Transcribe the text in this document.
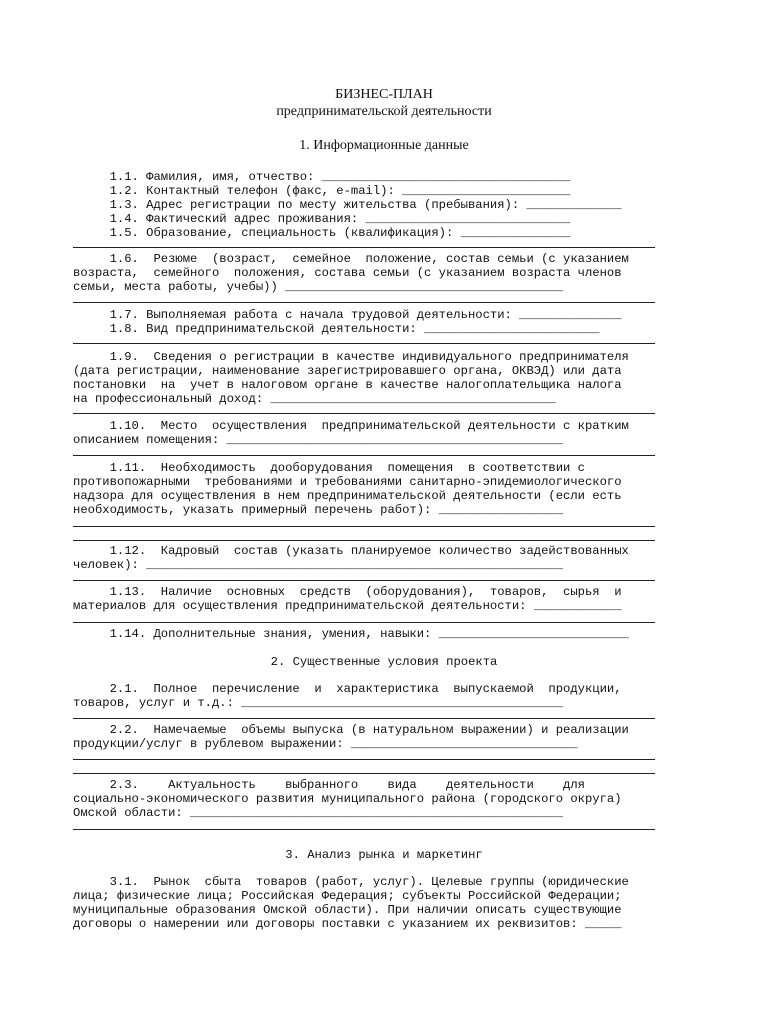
БИЗНЕС-ПЛАН
предпринимательской деятельности
1. Информационные данные
1.1. Фамилия, имя, отчество: __________________________________
1.2. Контактный телефон (факс, e-mail): _______________________
1.3. Адрес регистрации по месту жительства (пребывания): _____________
1.4. Фактический адрес проживания: ____________________________
1.5. Образование, специальность (квалификация): _______________
1.6.  Резюме  (возраст,  семейное  положение, состав семьи (с указанием
возраста,  семейного  положения, состава семьи (с указанием возраста членов
семьи, места работы, учебы)) ______________________________________
1.7. Выполняемая работа с начала трудовой деятельности: ______________
1.8. Вид предпринимательской деятельности: ________________________
1.9.  Сведения о регистрации в качестве индивидуального предпринимателя
(дата регистрации, наименование зарегистрировавшего органа, ОКВЭД) или дата
постановки  на  учет в налоговом органе в качестве налогоплательщика налога
на профессиональный доход: _______________________________________
1.10.  Место  осуществления  предпринимательской деятельности с кратким
описанием помещения: ______________________________________________
1.11.  Необходимость  дооборудования  помещения  в соответствии с
противопожарными  требованиями и требованиями санитарно-эпидемиологического
надзора для осуществления в нем предпринимательской деятельности (если есть
необходимость, указать примерный перечень работ): _________________
1.12.  Кадровый  состав (указать планируемое количество задействованных
человек): _________________________________________________________
1.13.  Наличие  основных  средств  (оборудования),  товаров,  сырья  и
материалов для осуществления предпринимательской деятельности: ____________
1.14. Дополнительные знания, умения, навыки: __________________________
2. Существенные условия проекта
2.1.  Полное  перечисление  и  характеристика  выпускаемой  продукции,
товаров, услуг и т.д.: ____________________________________________
2.2.  Намечаемые  объемы выпуска (в натуральном выражении) и реализации
продукции/услуг в рублевом выражении: _______________________________
2.3.    Актуальность    выбранного    вида    деятельности    для
социально-экономического развития муниципального района (городского округа)
Омской области: ___________________________________________________
3. Анализ рынка и маркетинг
3.1.  Рынок  сбыта  товаров (работ, услуг). Целевые группы (юридические
лица; физические лица; Российская Федерация; субъекты Российской Федерации;
муниципальные образования Омской области). При наличии описать существующие
договоры о намерении или договоры поставки с указанием их реквизитов: _____
